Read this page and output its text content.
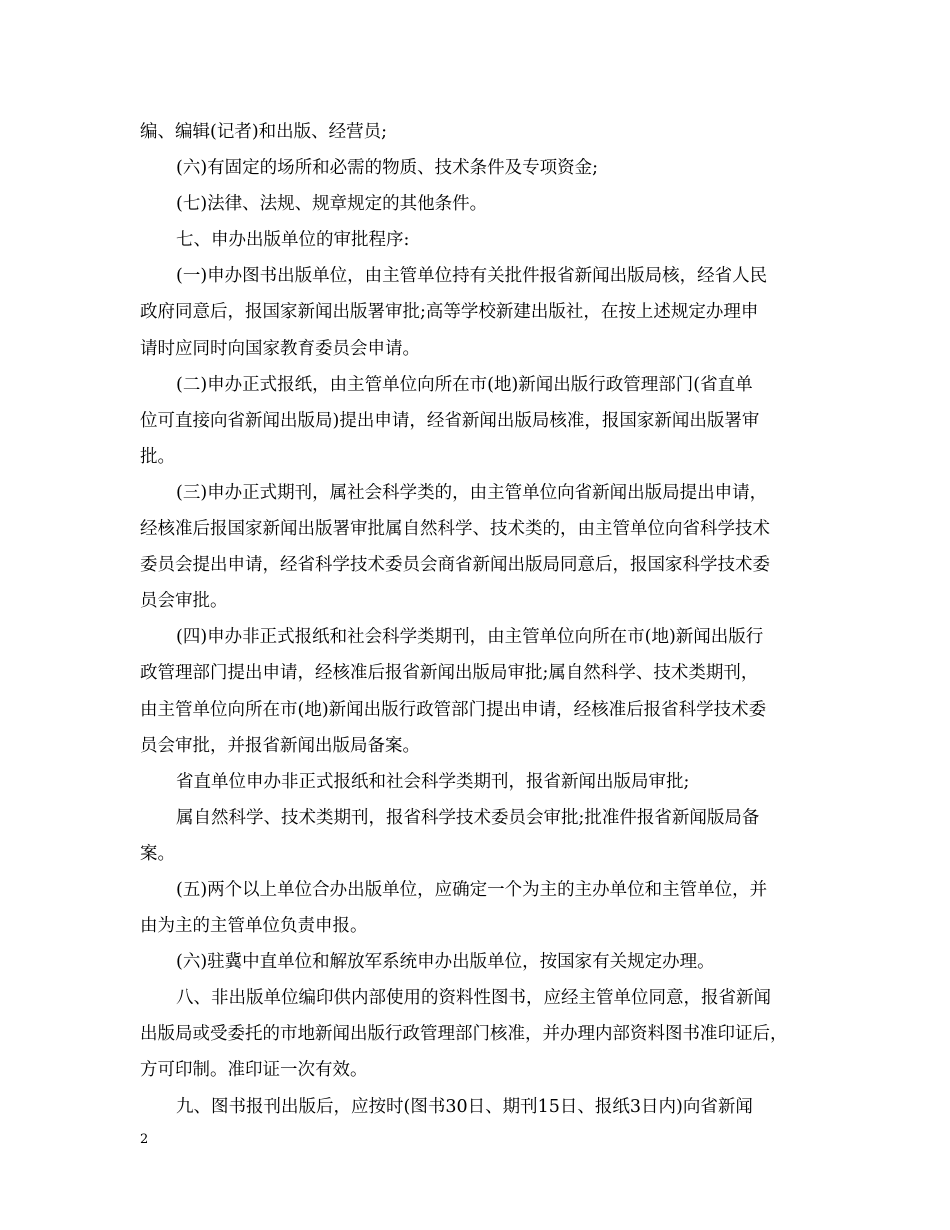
编、编辑(记者)和出版、经营员;

(六)有固定的场所和必需的物质、技术条件及专项资金;

(七)法律、法规、规章规定的其他条件。

七、申办出版单位的审批程序:

(一)申办图书出版单位，由主管单位持有关批件报省新闻出版局核，经省人民

政府同意后，报国家新闻出版署审批;高等学校新建出版社，在按上述规定办理申

请时应同时向国家教育委员会申请。

(二)申办正式报纸，由主管单位向所在市(地)新闻出版行政管理部门(省直单

位可直接向省新闻出版局)提出申请，经省新闻出版局核准，报国家新闻出版署审

批。

(三)申办正式期刊，属社会科学类的，由主管单位向省新闻出版局提出申请，

经核准后报国家新闻出版署审批属自然科学、技术类的，由主管单位向省科学技术

委员会提出申请，经省科学技术委员会商省新闻出版局同意后，报国家科学技术委

员会审批。

(四)申办非正式报纸和社会科学类期刊，由主管单位向所在市(地)新闻出版行

政管理部门提出申请，经核准后报省新闻出版局审批;属自然科学、技术类期刊，

由主管单位向所在市(地)新闻出版行政管部门提出申请，经核准后报省科学技术委

员会审批，并报省新闻出版局备案。

省直单位申办非正式报纸和社会科学类期刊，报省新闻出版局审批;

属自然科学、技术类期刊，报省科学技术委员会审批;批准件报省新闻版局备

案。

(五)两个以上单位合办出版单位，应确定一个为主的主办单位和主管单位，并

由为主的主管单位负责申报。

(六)驻冀中直单位和解放军系统申办出版单位，按国家有关规定办理。

八、非出版单位编印供内部使用的资料性图书，应经主管单位同意，报省新闻

出版局或受委托的市地新闻出版行政管理部门核准，并办理内部资料图书准印证后，

方可印制。准印证一次有效。

九、图书报刊出版后，应按时(图书30日、期刊15日、报纸3日内)向省新闻

2
